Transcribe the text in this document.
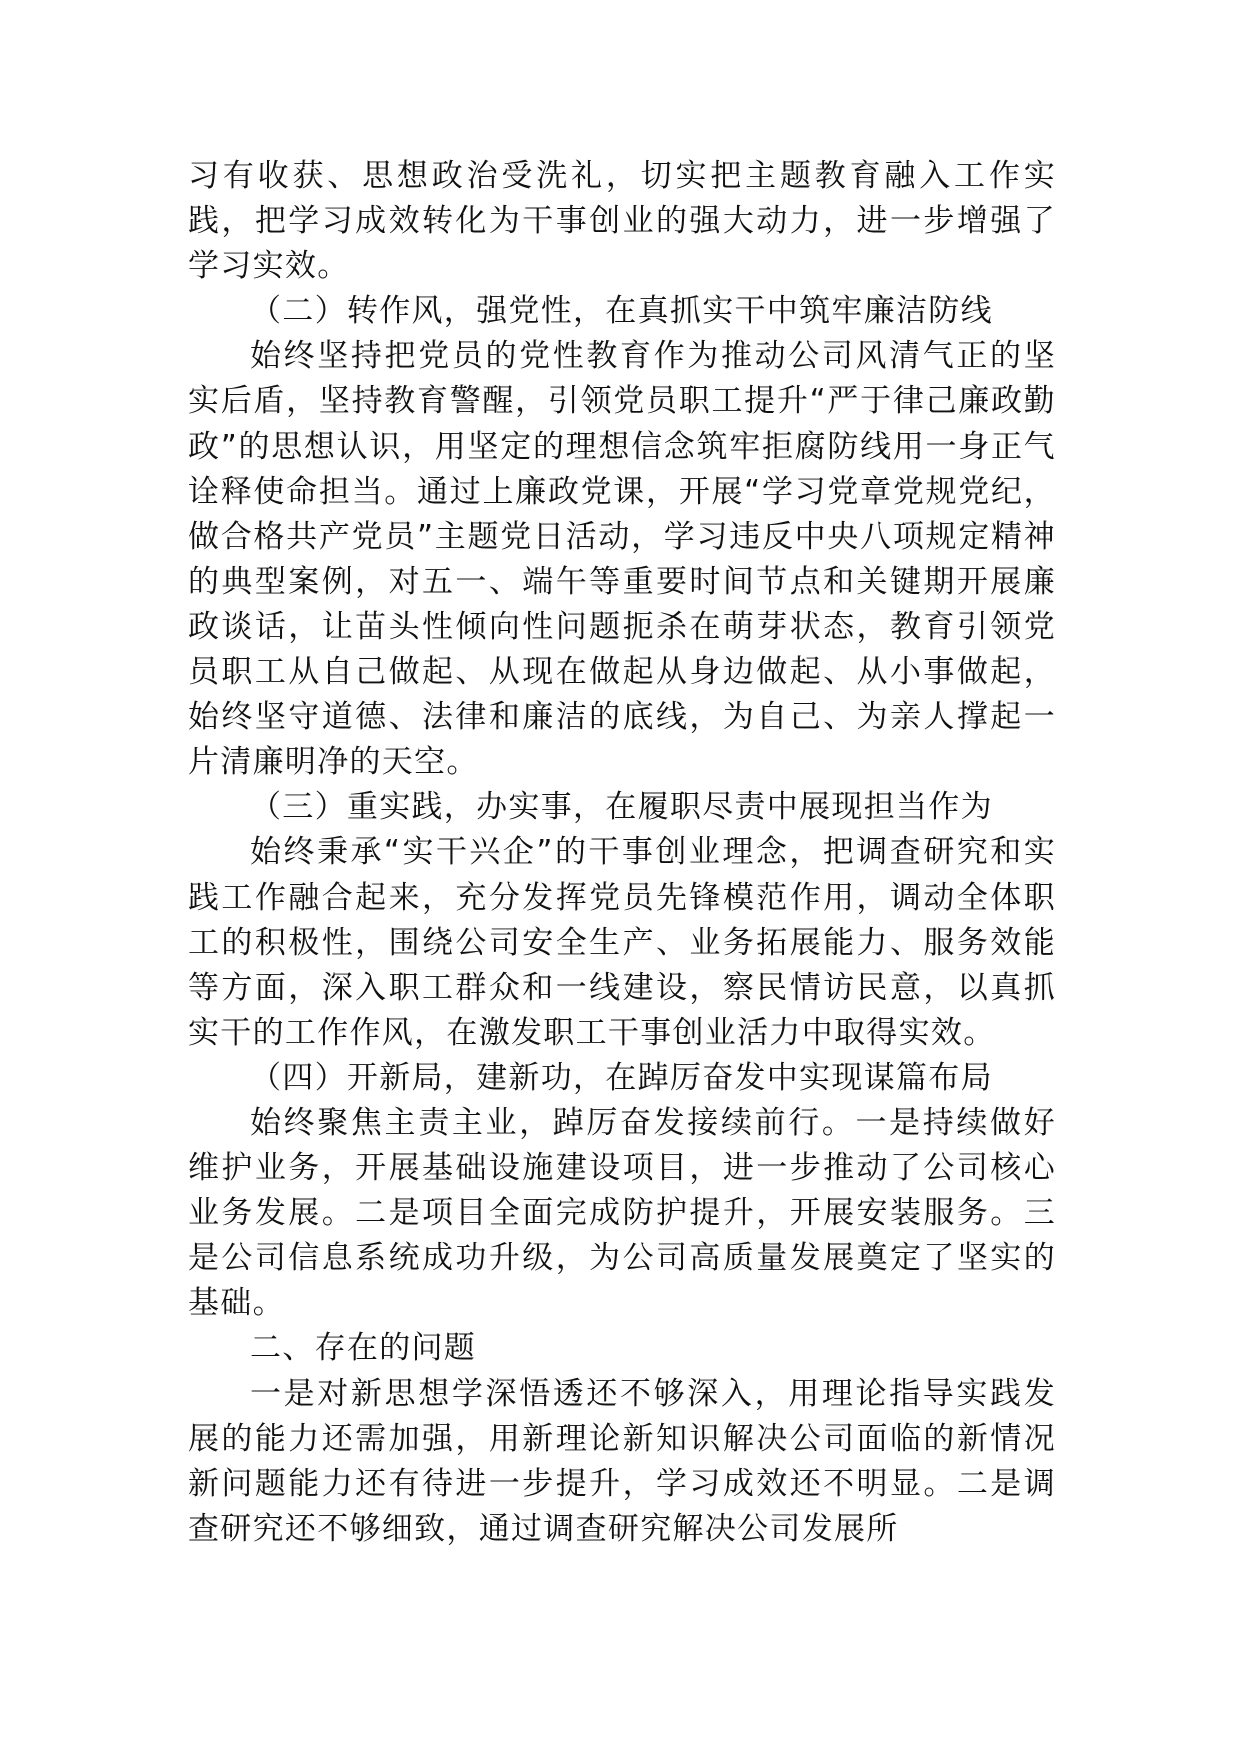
习有收获、思想政治受洗礼，切实把主题教育融入工作实践，把学习成效转化为干事创业的强大动力，进一步增强了学习实效。

（二）转作风，强党性，在真抓实干中筑牢廉洁防线

始终坚持把党员的党性教育作为推动公司风清气正的坚实后盾，坚持教育警醒，引领党员职工提升“严于律己廉政勤政”的思想认识，用坚定的理想信念筑牢拒腐防线用一身正气诠释使命担当。通过上廉政党课，开展“学习党章党规党纪，做合格共产党员”主题党日活动，学习违反中央八项规定精神的典型案例，对五一、端午等重要时间节点和关键期开展廉政谈话，让苗头性倾向性问题扼杀在萌芽状态，教育引领党员职工从自己做起、从现在做起从身边做起、从小事做起，始终坚守道德、法律和廉洁的底线，为自己、为亲人撑起一片清廉明净的天空。

（三）重实践，办实事，在履职尽责中展现担当作为

始终秉承“实干兴企”的干事创业理念，把调查研究和实践工作融合起来，充分发挥党员先锋模范作用，调动全体职工的积极性，围绕公司安全生产、业务拓展能力、服务效能等方面，深入职工群众和一线建设，察民情访民意，以真抓实干的工作作风，在激发职工干事创业活力中取得实效。

（四）开新局，建新功，在踔厉奋发中实现谋篇布局

始终聚焦主责主业，踔厉奋发接续前行。一是持续做好维护业务，开展基础设施建设项目，进一步推动了公司核心业务发展。二是项目全面完成防护提升，开展安装服务。三是公司信息系统成功升级，为公司高质量发展奠定了坚实的基础。

二、存在的问题

一是对新思想学深悟透还不够深入，用理论指导实践发展的能力还需加强，用新理论新知识解决公司面临的新情况新问题能力还有待进一步提升，学习成效还不明显。二是调查研究还不够细致，通过调查研究解决公司发展所
